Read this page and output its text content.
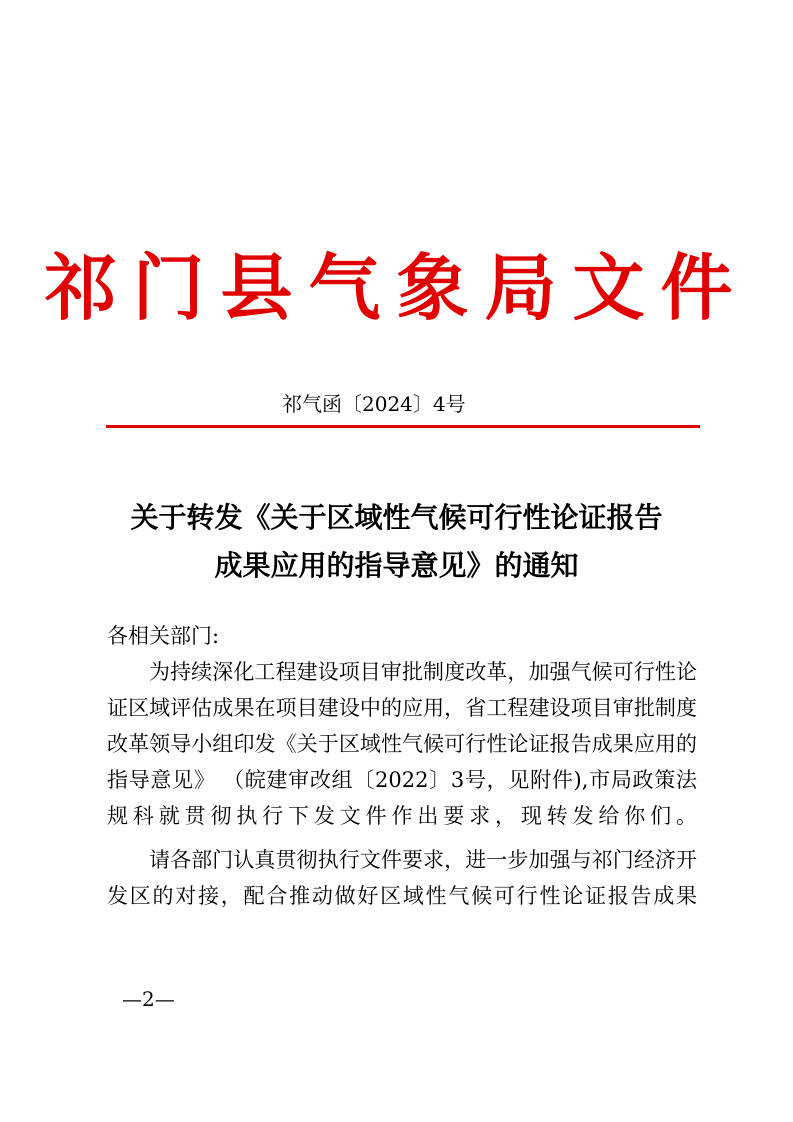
祁门县气象局文件
祁气函〔2024〕4号
关于转发《关于区域性气候可行性论证报告
成果应用的指导意见》的通知

各相关部门:

为持续深化工程建设项目审批制度改革，加强气候可行性论证区域评估成果在项目建设中的应用，省工程建设项目审批制度改革领导小组印发《关于区域性气候可行性论证报告成果应用的指导意见》 （皖建审改组〔2022〕3号，见附件),市局政策法规科就贯彻执行下发文件作出要求，现转发给你们。

请各部门认真贯彻执行文件要求，进一步加强与祁门经济开发区的对接，配合推动做好区域性气候可行性论证报告成果

—2—
